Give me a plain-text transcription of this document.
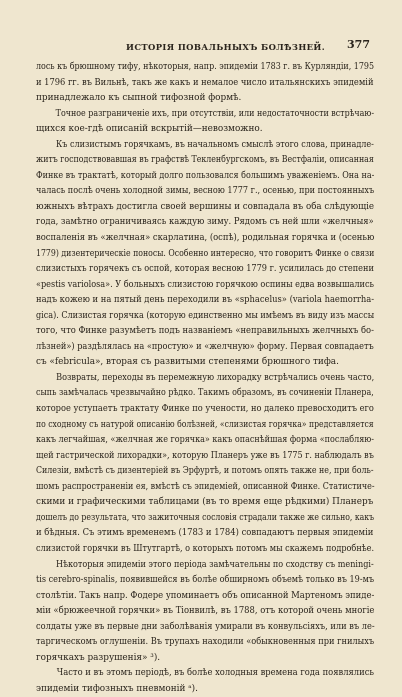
ИСТОРІЯ ПОВАЛЬНЫХЪ БОЛѢЗНЕЙ. 377
лось къ брюшному тифу, нѣкоторыя, напр. эпидеміи 1783 г. въ Курляндіи, 1795
и 1796 гг. въ Вильнѣ, такъ же какъ и немалое число итальянскихъ эпидемій
принадлежало къ сыпной тифозной формѣ.
Точное разграниченіе ихъ, при отсутствіи, или недостаточности встрѣчаю-
щихся кое-гдѣ описаній вскрытій—невозможно.
Къ слизистымъ горячкамъ, въ начальномъ смыслѣ этого слова, принадле-
житъ господствовавшая въ графствѣ Текленбургскомъ, въ Вестфаліи, описанная
Финке въ трактатѣ, который долго пользовался большимъ уваженіемъ. Она на-
чалась послѣ очень холодной зимы, весною 1777 г., осенью, при постоянныхъ
южныхъ вѣтрахъ достигла своей вершины и совпадала въ оба слѣдующіе
года, замѣтно ограничиваясь каждую зиму. Рядомъ съ ней шли «желчныя»
воспаленія въ «желчная» скарлатина, (оспѣ), родильная горячка и (осенью
1779) дизентерическіе поносы. Особенно интересно, что говоритъ Финке о связи
слизистыхъ горячекъ съ оспой, которая весною 1779 г. усилилась до степени
«pestis variolosa». У больныхъ слизистою горячкою оспины едва возвышались
надъ кожею и на пятый день переходили въ «sphacelus» (variola haemorrha-
gica). Слизистая горячка (которую единственно мы имѣемъ въ виду изъ массы
того, что Финке разумѣетъ подъ названіемъ «неправильныхъ желчныхъ бо-
лѣзней») раздѣлялась на «простую» и «желчную» форму. Первая совпадаетъ
съ «febricula», вторая съ развитыми степенями брюшного тифа.
Возвраты, переходы въ перемежную лихорадку встрѣчались очень часто,
сыпь замѣчалась чрезвычайно рѣдко. Такимъ образомъ, въ сочиненіи Планера,
которое уступаетъ трактату Финке по учености, но далеко превосходитъ его
по сходному съ натурой описанію болѣзней, «слизистая горячка» представляется
какъ легчайшая, «желчная же горячка» какъ опаснѣйшая форма «послабляю-
щей гастрической лихорадки», которую Планеръ уже въ 1775 г. наблюдалъ въ
Силезіи, вмѣстѣ съ дизентеріей въ Эрфуртѣ, и потомъ опять также не, при боль-
шомъ распространеніи ея, вмѣстѣ съ эпидеміей, описанной Финке. Статистиче-
скими и графическими таблицами (въ то время еще рѣдкими) Планеръ
дошелъ до результата, что зажиточныя сословія страдали также же сильно, какъ
и бѣдныя. Съ этимъ временемъ (1783 и 1784) совпадаютъ первыя эпидеміи
слизистой горячки въ Штутгартѣ, о которыхъ потомъ мы скажемъ подробнѣе.
Нѣкоторыя эпидеміи этого періода замѣчательны по сходству съ meningi-
tis cerebro-spinalis, появившейся въ болѣе обширномъ объемѣ только въ 19-мъ
столѣтіи. Такъ напр. Фодере упоминаетъ объ описанной Мартеномъ эпиде-
міи «брюжеечной горячки» въ Тіонвилѣ, въ 1788, отъ которой очень многіе
солдаты уже въ первые дни заболѣванія умирали въ конвульсіяхъ, или въ ле-
таргическомъ оглушеніи. Въ трупахъ находили «обыкновенныя при гнилыхъ
горячкахъ разрушенія» ³).
Часто и въ этомъ періодѣ, въ болѣе холодныя времена года появлялись
эпидеміи тифозныхъ пневмоній ᵃ).
